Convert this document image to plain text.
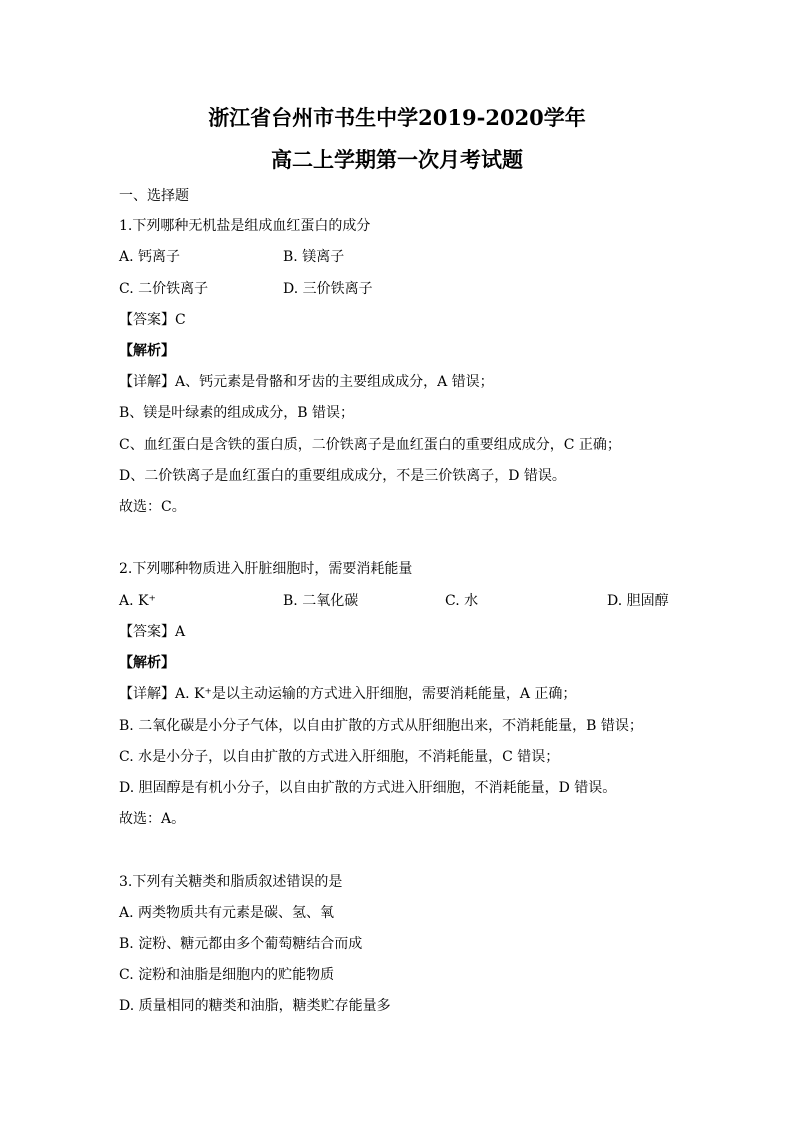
浙江省台州市书生中学2019-2020学年
高二上学期第一次月考试题
一、选择题
1.下列哪种无机盐是组成血红蛋白的成分
A. 钙离子	B. 镁离子
C. 二价铁离子	D. 三价铁离子
【答案】C
【解析】
【详解】A、钙元素是骨骼和牙齿的主要组成成分，A 错误；
B、镁是叶绿素的组成成分，B 错误；
C、血红蛋白是含铁的蛋白质，二价铁离子是血红蛋白的重要组成成分，C 正确；
D、二价铁离子是血红蛋白的重要组成成分，不是三价铁离子，D 错误。
故选：C。
2.下列哪种物质进入肝脏细胞时，需要消耗能量
A. K⁺	B. 二氧化碳	C. 水	D. 胆固醇
【答案】A
【解析】
【详解】A. K⁺是以主动运输的方式进入肝细胞，需要消耗能量，A 正确；
B. 二氧化碳是小分子气体，以自由扩散的方式从肝细胞出来，不消耗能量，B 错误；
C. 水是小分子，以自由扩散的方式进入肝细胞，不消耗能量，C 错误；
D. 胆固醇是有机小分子，以自由扩散的方式进入肝细胞，不消耗能量，D 错误。
故选：A。
3.下列有关糖类和脂质叙述错误的是
A. 两类物质共有元素是碳、氢、氧
B. 淀粉、糖元都由多个葡萄糖结合而成
C. 淀粉和油脂是细胞内的贮能物质
D. 质量相同的糖类和油脂，糖类贮存能量多
